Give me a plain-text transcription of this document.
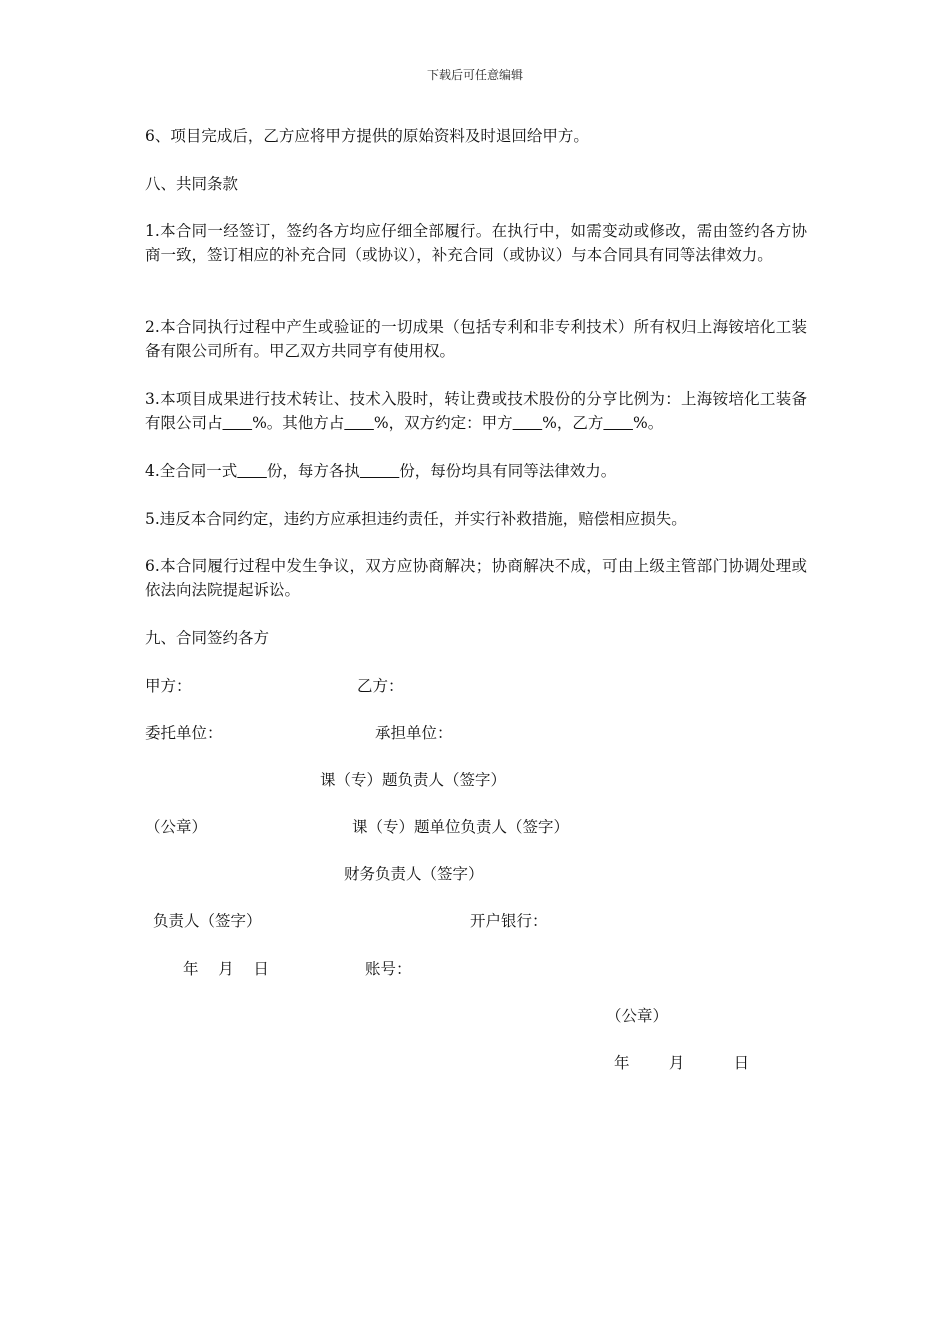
下载后可任意编辑

6、项目完成后，乙方应将甲方提供的原始资料及时退回给甲方。

八、共同条款

1.本合同一经签订，签约各方均应仔细全部履行。在执行中，如需变动或修改，需由签约各方协商一致，签订相应的补充合同（或协议），补充合同（或协议）与本合同具有同等法律效力。

2.本合同执行过程中产生或验证的一切成果（包括专利和非专利技术）所有权归上海铵培化工装备有限公司所有。甲乙双方共同亨有使用权。

3.本项目成果进行技术转让、技术入股时，转让费或技术股份的分亨比例为：上海铵培化工装备有限公司占 %。其他方占 %，双方约定：甲方 %，乙方 %。

4.全合同一式 份，每方各执	份，每份均具有同等法律效力。

5.违反本合同约定，违约方应承担违约责任，并实行补救措施，赔偿相应损失。

6.本合同履行过程中发生争议，双方应协商解决；协商解决不成，可由上级主管部门协调处理或依法向法院提起诉讼。

九、合同签约各方

甲方：	乙方：
委托单位：	承担单位：
课（专）题负责人（签字）
（公章）	课（专）题单位负责人（签字）
财务负责人（签字）
负责人（签字）	开户银行：
年    月    日	账号：
（公章）
年        月          日
